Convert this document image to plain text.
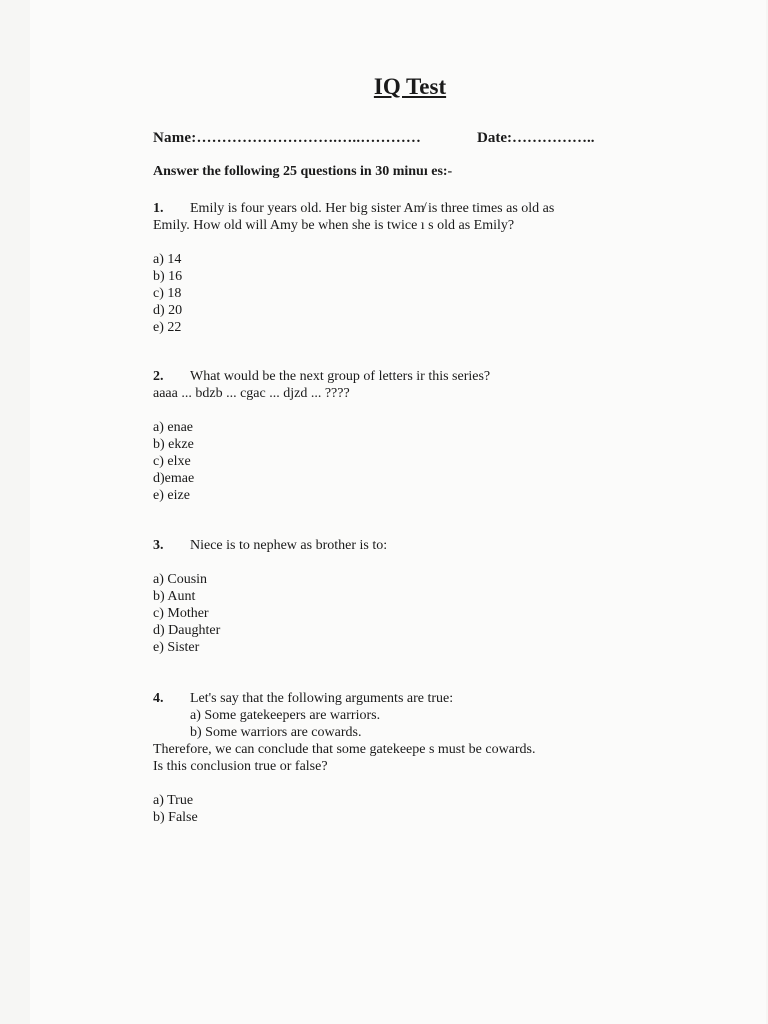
IQ Test
Name:……………………….…..…………	Date:……………..
Answer the following 25 questions in 30 minuı es:-
1. Emily is four years old. Her big sister Am̸ is three times as old as
Emily. How old will Amy be when she is twice ı s old as Emily?
a) 14
b) 16
c) 18
d) 20
e) 22
2. What would be the next group of letters ir this series?
aaaa ... bdzb ... cgac ... djzd ... ????
a) enae
b) ekze
c) elxe
d)emae
e) eize
3. Niece is to nephew as brother is to:
a) Cousin
b) Aunt
c) Mother
d) Daughter
e) Sister
4. Let's say that the following arguments are true:
a) Some gatekeepers are warriors.
b) Some warriors are cowards.
Therefore, we can conclude that some gatekeepe s must be cowards.
Is this conclusion true or false?
a) True
b) False
